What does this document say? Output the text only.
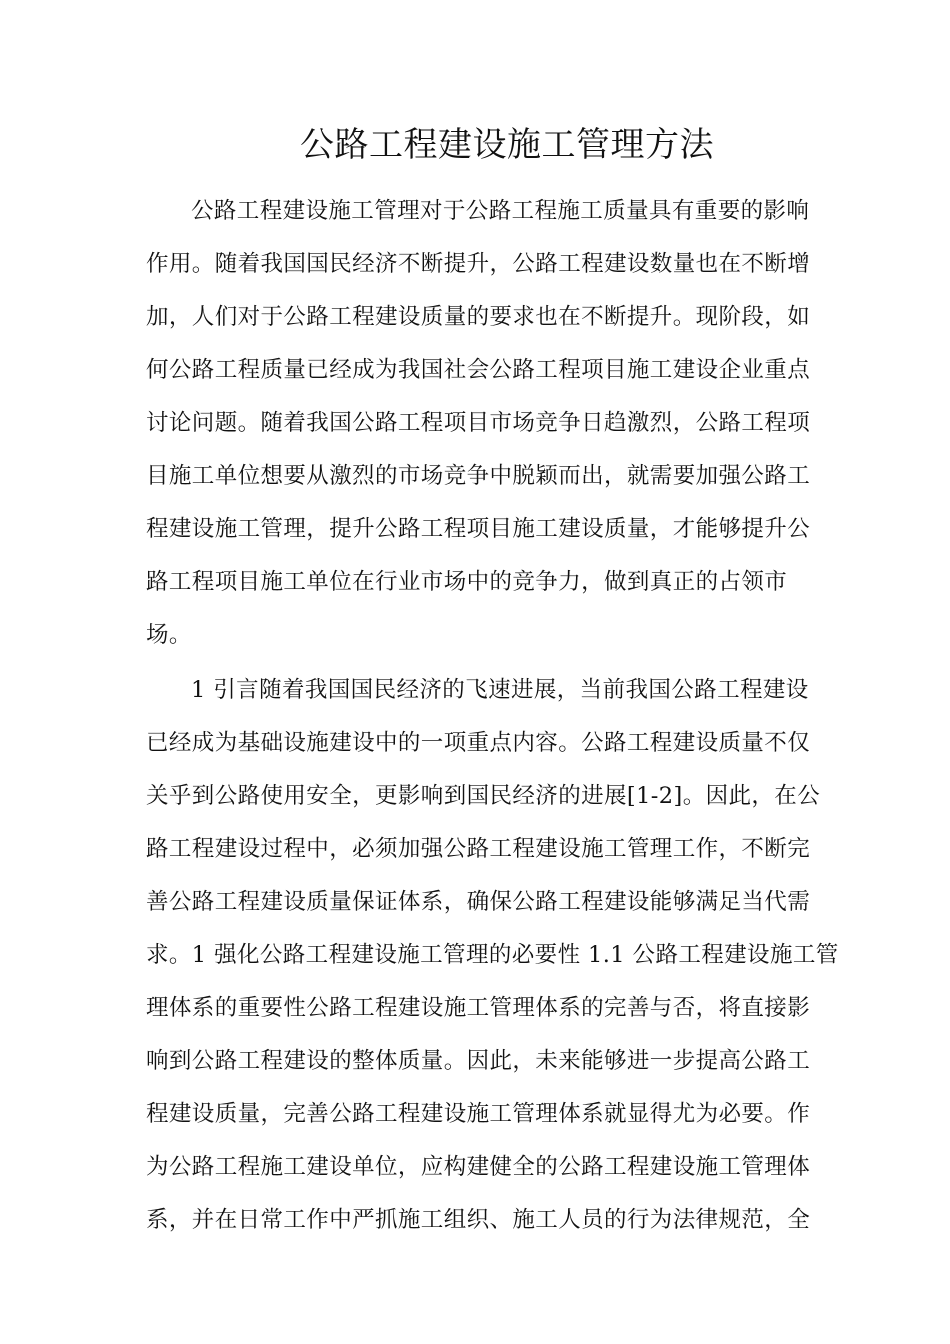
公路工程建设施工管理方法

公路工程建设施工管理对于公路工程施工质量具有重要的影响
作用。随着我国国民经济不断提升，公路工程建设数量也在不断增
加，人们对于公路工程建设质量的要求也在不断提升。现阶段，如
何公路工程质量已经成为我国社会公路工程项目施工建设企业重点
讨论问题。随着我国公路工程项目市场竞争日趋激烈，公路工程项
目施工单位想要从激烈的市场竞争中脱颖而出，就需要加强公路工
程建设施工管理，提升公路工程项目施工建设质量，才能够提升公
路工程项目施工单位在行业市场中的竞争力，做到真正的占领市
场。

1 引言随着我国国民经济的飞速进展，当前我国公路工程建设
已经成为基础设施建设中的一项重点内容。公路工程建设质量不仅
关乎到公路使用安全，更影响到国民经济的进展[1-2]。因此，在公
路工程建设过程中，必须加强公路工程建设施工管理工作，不断完
善公路工程建设质量保证体系，确保公路工程建设能够满足当代需
求。1 强化公路工程建设施工管理的必要性 1.1 公路工程建设施工管
理体系的重要性公路工程建设施工管理体系的完善与否，将直接影
响到公路工程建设的整体质量。因此，未来能够进一步提高公路工
程建设质量，完善公路工程建设施工管理体系就显得尤为必要。作
为公路工程施工建设单位，应构建健全的公路工程建设施工管理体
系，并在日常工作中严抓施工组织、施工人员的行为法律规范，全
